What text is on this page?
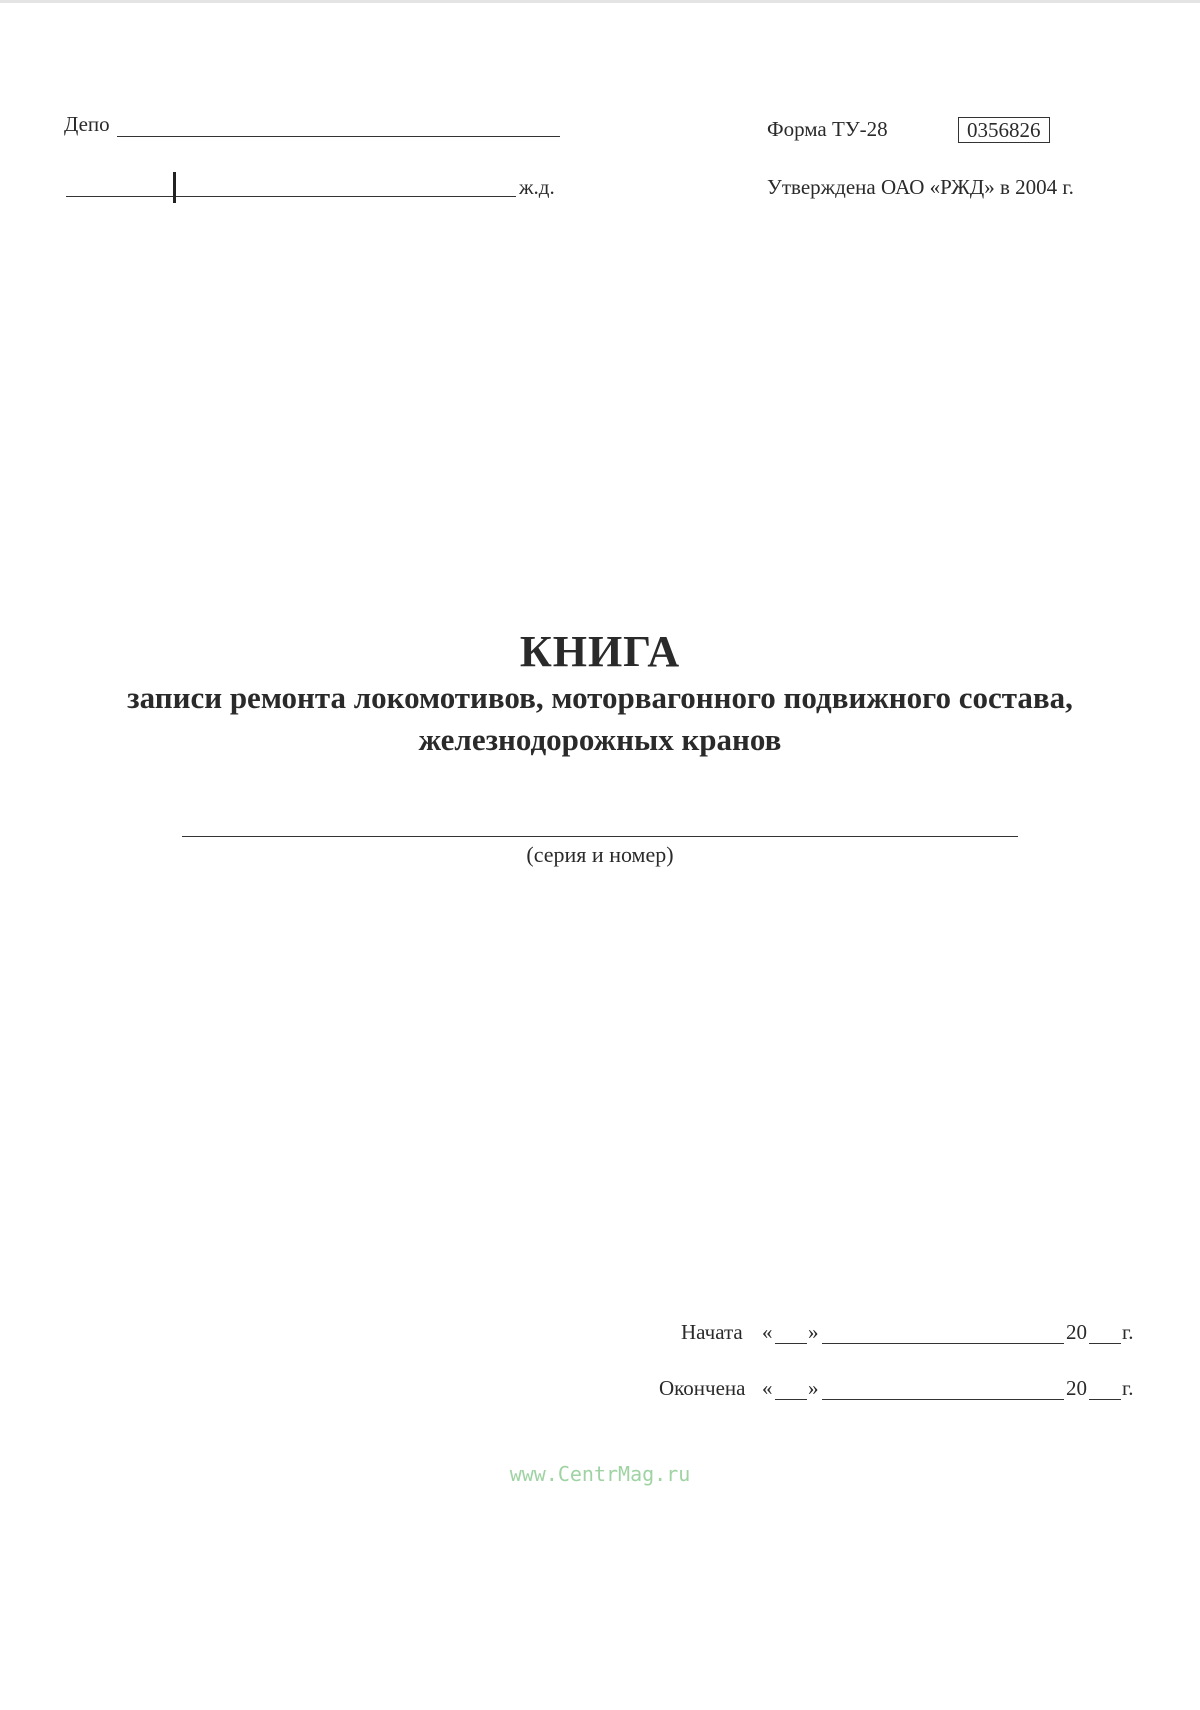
Депо
ж.д.
Форма ТУ-28	0356826
Утверждена ОАО «РЖД» в 2004 г.
КНИГА
записи ремонта локомотивов, моторвагонного подвижного состава,
железнодорожных кранов
(серия и номер)
Начата « »	20 г.
Окончена « »	20 г.
www.CentrMag.ru
